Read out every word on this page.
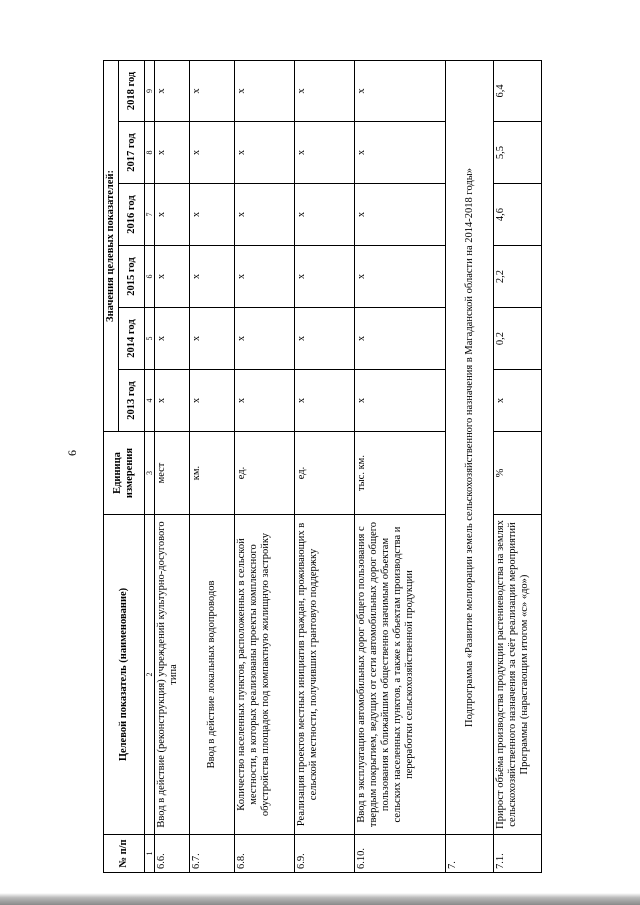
6
№ п/п	Целевой показатель (наименование)	Единица измерения	Значения целевых показателей:					
			2013 год	2014 год	2015 год	2016 год	2017 год	2018 год
1	2	3	4	5	6	7	8	9
6.6.	Ввод в действие (реконструкция) учреждений культурно-досугового типа	мест	х	х	х	х	х	х
6.7.	Ввод в действие локальных водопроводов	км.	х	х	х	х	х	х
6.8.	Количество населенных пунктов, расположенных в сельской местности, в которых реализованы проекты комплексного обустройства площадок под компактную жилищную застройку	ед.	х	х	х	х	х	х
6.9.	Реализация проектов местных инициатив граждан, проживающих в сельской местности, получивших грантовую поддержку	ед.	х	х	х	х	х	х
6.10.	Ввод в эксплуатацию автомобильных дорог общего пользования с твердым покрытием, ведущих от сети автомобильных дорог общего пользования к ближайшим общественно значимым объектам сельских населенных пунктов, а также к объектам производства и переработки сельскохозяйственной продукции	тыс. км.	х	х	х	х	х	х
7.	Подпрограмма «Развитие мелиорации земель сельскохозяйственного назначения в Магаданской области на 2014-2018 годы»							
7.1.	Прирост объёма производства продукции растениеводства на землях сельскохозяйственного назначения за счёт реализации мероприятий Программы (нарастающим итогом «с» «до»)	%	х	0,2	2,2	4,6	5,5	6,4
